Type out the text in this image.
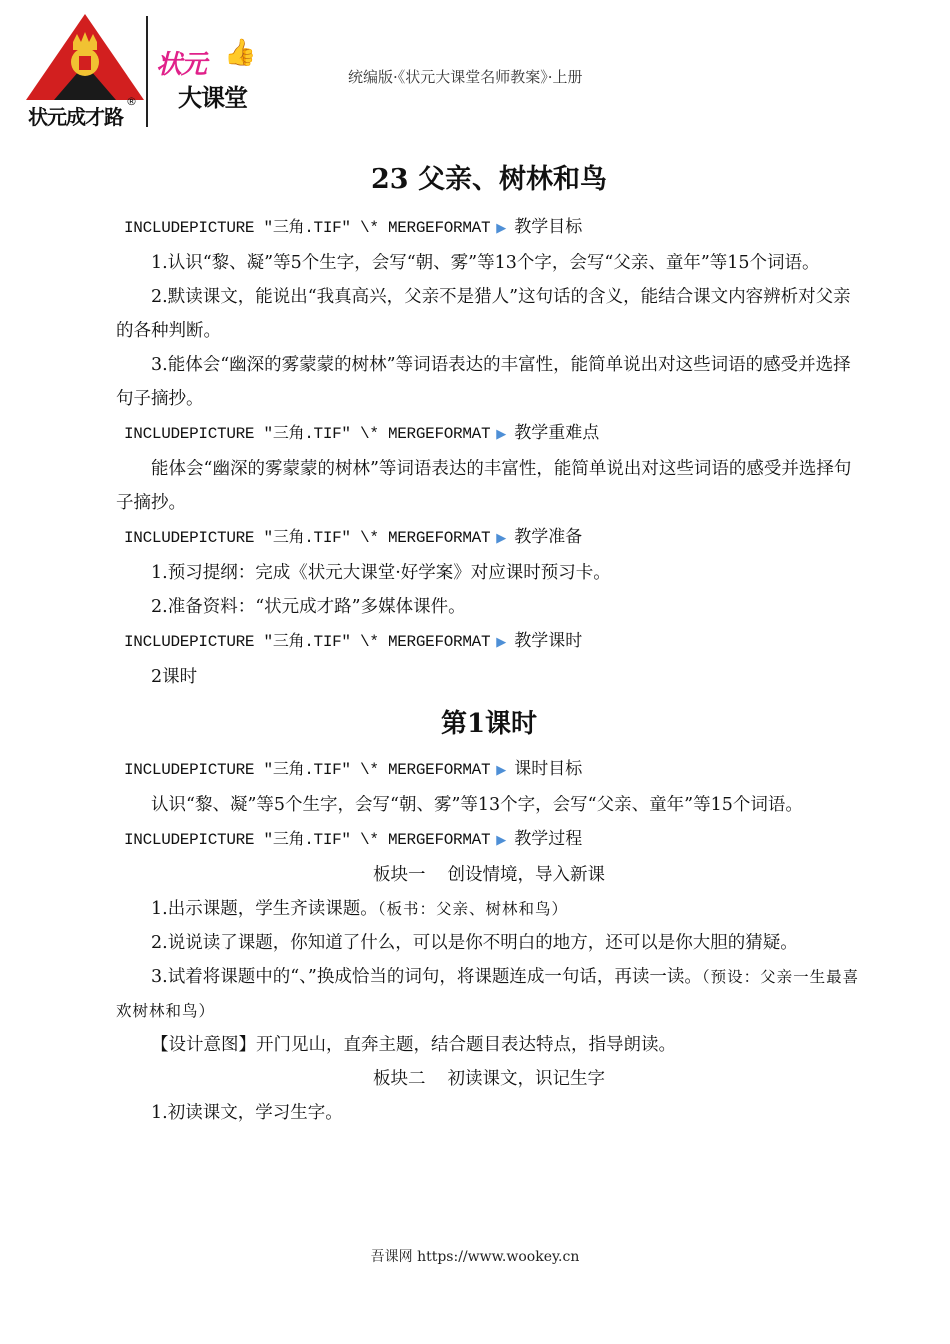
状元成才路
®
状元 👍
大课堂
统编版·《状元大课堂名师教案》·上册
23 父亲、树林和鸟

INCLUDEPICTURE "三角.TIF" \* MERGEFORMAT ▶ 教学目标

1.认识“黎、凝”等5个生字，会写“朝、雾”等13个字，会写“父亲、童年”等15个词语。

2.默读课文，能说出“我真高兴，父亲不是猎人”这句话的含义，能结合课文内容辨析对父亲的各种判断。

3.能体会“幽深的雾蒙蒙的树林”等词语表达的丰富性，能简单说出对这些词语的感受并选择句子摘抄。

INCLUDEPICTURE "三角.TIF" \* MERGEFORMAT ▶ 教学重难点

能体会“幽深的雾蒙蒙的树林”等词语表达的丰富性，能简单说出对这些词语的感受并选择句子摘抄。

INCLUDEPICTURE "三角.TIF" \* MERGEFORMAT ▶ 教学准备

1.预习提纲：完成《状元大课堂·好学案》对应课时预习卡。

2.准备资料：“状元成才路”多媒体课件。

INCLUDEPICTURE "三角.TIF" \* MERGEFORMAT ▶ 教学课时

2课时

第1课时

INCLUDEPICTURE "三角.TIF" \* MERGEFORMAT ▶ 课时目标

认识“黎、凝”等5个生字，会写“朝、雾”等13个字，会写“父亲、童年”等15个词语。

INCLUDEPICTURE "三角.TIF" \* MERGEFORMAT ▶ 教学过程

板块一 创设情境，导入新课

1.出示课题，学生齐读课题。（板书：父亲、树林和鸟）

2.说说读了课题，你知道了什么，可以是你不明白的地方，还可以是你大胆的猜疑。

3.试着将课题中的“、”换成恰当的词句，将课题连成一句话，再读一读。（预设：父亲一生最喜欢树林和鸟）

【设计意图】开门见山，直奔主题，结合题目表达特点，指导朗读。

板块二 初读课文，识记生字

1.初读课文，学习生字。

吾课网 https://www.wookey.cn
